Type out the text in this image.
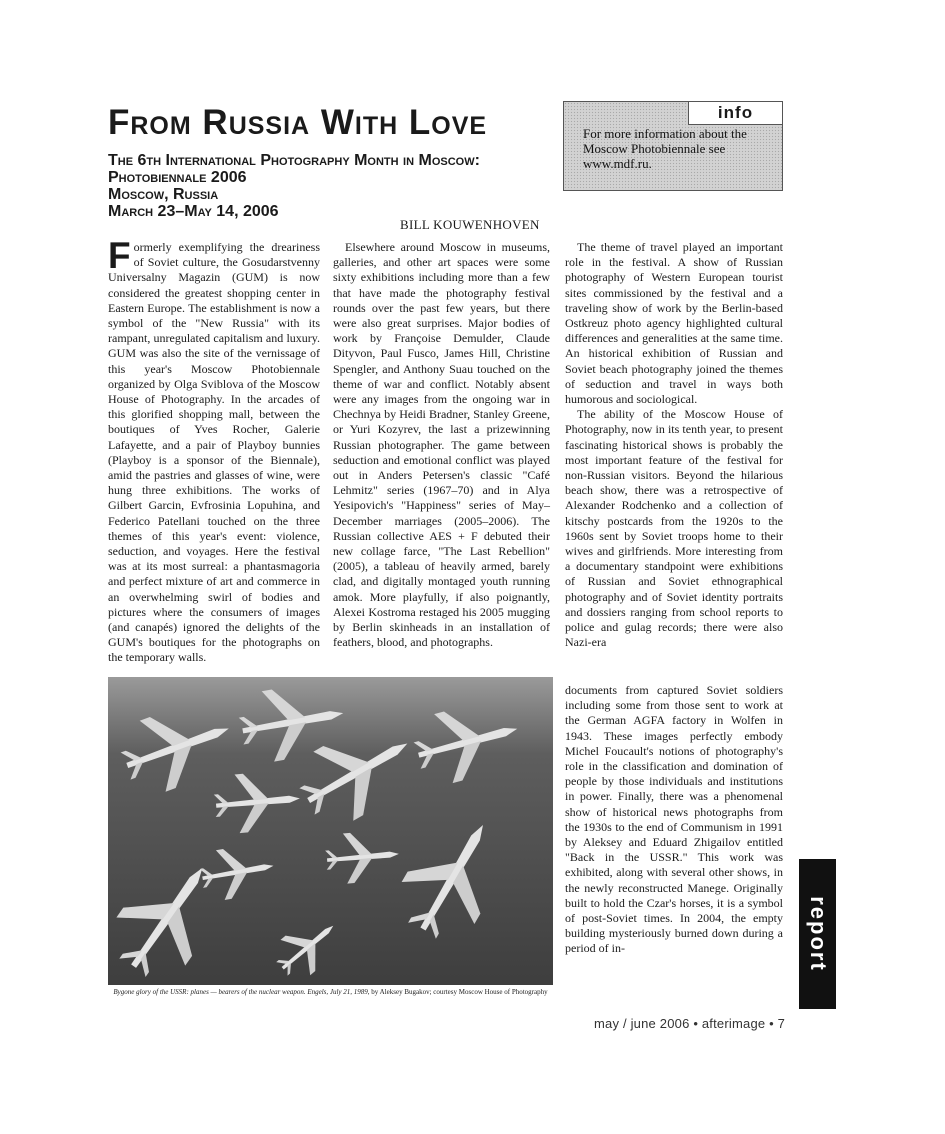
From Russia With Love
The 6th International Photography Month in Moscow:
Photobiennale 2006
Moscow, Russia
March 23–May 14, 2006
BILL KOUWENHOVEN
info
For more information about the Moscow Photobiennale see www.mdf.ru.
Formerly exemplifying the dreariness of Soviet culture, the Gosudarstvenny Universalny Magazin (GUM) is now considered the greatest shopping center in Eastern Europe. The establishment is now a symbol of the "New Russia" with its rampant, unregulated capitalism and luxury. GUM was also the site of the vernissage of this year's Moscow Photobiennale organized by Olga Sviblova of the Moscow House of Photography. In the arcades of this glorified shopping mall, between the boutiques of Yves Rocher, Galerie Lafayette, and a pair of Playboy bunnies (Playboy is a sponsor of the Biennale), amid the pastries and glasses of wine, were hung three exhibitions. The works of Gilbert Garcin, Evfrosinia Lopuhina, and Federico Patellani touched on the three themes of this year's event: violence, seduction, and voyages. Here the festival was at its most surreal: a phantasmagoria and perfect mixture of art and commerce in an overwhelming swirl of bodies and pictures where the consumers of images (and canapés) ignored the delights of the GUM's boutiques for the photographs on the temporary walls.

Elsewhere around Moscow in museums, galleries, and other art spaces were some sixty exhibitions including more than a few that have made the photography festival rounds over the past few years, but there were also great surprises. Major bodies of work by Françoise Demulder, Claude Dityvon, Paul Fusco, James Hill, Christine Spengler, and Anthony Suau touched on the theme of war and conflict. Notably absent were any images from the ongoing war in Chechnya by Heidi Bradner, Stanley Greene, or Yuri Kozyrev, the last a prizewinning Russian photographer. The game between seduction and emotional conflict was played out in Anders Petersen's classic "Café Lehmitz" series (1967–70) and in Alya Yesipovich's "Happiness" series of May–December marriages (2005–2006). The Russian collective AES + F debuted their new collage farce, "The Last Rebellion" (2005), a tableau of heavily armed, barely clad, and digitally montaged youth running amok. More playfully, if also poignantly, Alexei Kostroma restaged his 2005 mugging by Berlin skinheads in an installation of feathers, blood, and photographs.

The theme of travel played an important role in the festival. A show of Russian photography of Western European tourist sites commissioned by the festival and a traveling show of work by the Berlin-based Ostkreuz photo agency highlighted cultural differences and generalities at the same time. An historical exhibition of Russian and Soviet beach photography joined the themes of seduction and travel in ways both humorous and sociological.

The ability of the Moscow House of Photography, now in its tenth year, to present fascinating historical shows is probably the most important feature of the festival for non-Russian visitors. Beyond the hilarious beach show, there was a retrospective of Alexander Rodchenko and a collection of kitschy postcards from the 1920s to the 1960s sent by Soviet troops home to their wives and girlfriends. More interesting from a documentary standpoint were exhibitions of Russian and Soviet ethnographical photography and of Soviet identity portraits and dossiers ranging from school reports to police and gulag records; there were also Nazi-era

documents from captured Soviet soldiers including some from those sent to work at the German AGFA factory in Wolfen in 1943. These images perfectly embody Michel Foucault's notions of photography's role in the classification and domination of people by those individuals and institutions in power. Finally, there was a phenomenal show of historical news photographs from the 1930s to the end of Communism in 1991 by Aleksey and Eduard Zhigailov entitled "Back in the USSR." This work was exhibited, along with several other shows, in the newly reconstructed Manege. Originally built to hold the Czar's horses, it is a symbol of post-Soviet times. In 2004, the empty building mysteriously burned down during a period of in-

Bygone glory of the USSR: planes — bearers of the nuclear weapon. Engels, July 21, 1989, by Aleksey Bugakov; courtesy Moscow House of Photography
may / june 2006 • afterimage • 7
report
